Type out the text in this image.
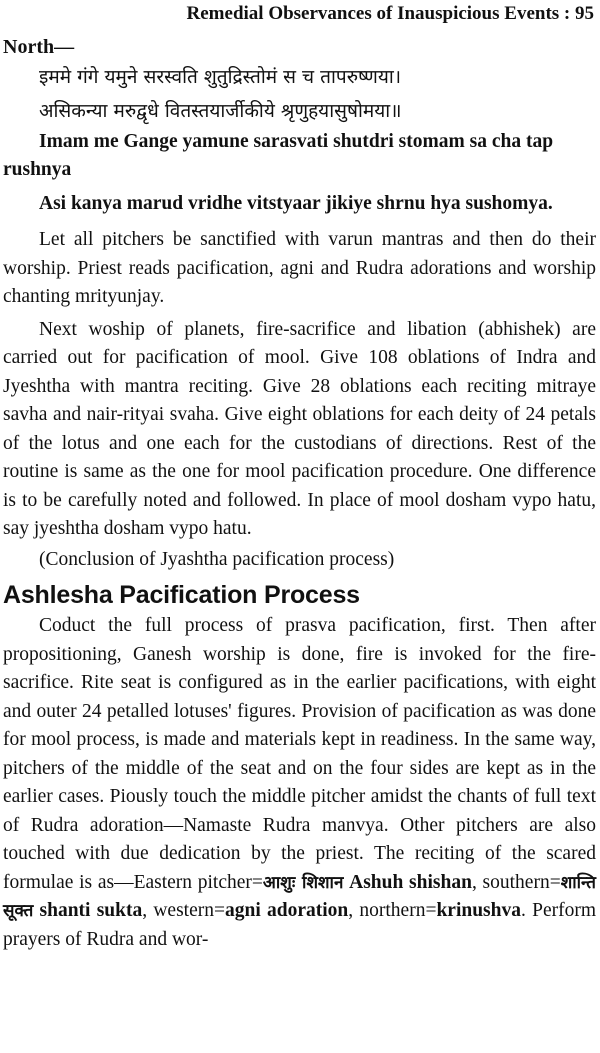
Remedial Observances of Inauspicious Events : 95
North—
इममे गंगे यमुने सरस्वति शुतुद्रिस्तोमं स च तापरुष्णया।
असिकन्या मरुद्वृधे वितस्तयार्जीकीये श्रृणुहयासुषोमया॥

Imam me Gange yamune sarasvati shutdri stomam sa cha tap rushnya

Asi kanya marud vridhe vitstyaar jikiye shrnu hya sushomya.

Let all pitchers be sanctified with varun mantras and then do their worship. Priest reads pacification, agni and Rudra adorations and worship chanting mrityunjay.

Next woship of planets, fire-sacrifice and libation (abhishek) are carried out for pacification of mool. Give 108 oblations of Indra and Jyeshtha with mantra reciting. Give 28 oblations each reciting mitraye savha and nair-rityai svaha. Give eight oblations for each deity of 24 petals of the lotus and one each for the custodians of directions. Rest of the routine is same as the one for mool pacification procedure. One difference is to be carefully noted and followed. In place of mool dosham vypo hatu, say jyeshtha dosham vypo hatu.

(Conclusion of Jyashtha pacification process)

Ashlesha Pacification Process

Coduct the full process of prasva pacification, first. Then after propositioning, Ganesh worship is done, fire is invoked for the fire-sacrifice. Rite seat is configured as in the earlier pacifications, with eight and outer 24 petalled lotuses' figures. Provision of pacification as was done for mool process, is made and materials kept in readiness. In the same way, pitchers of the middle of the seat and on the four sides are kept as in the earlier cases. Piously touch the middle pitcher amidst the chants of full text of Rudra adoration—Namaste Rudra manvya. Other pitchers are also touched with due dedication by the priest. The reciting of the scared formulae is as—Eastern pitcher=आशुः शिशान Ashuh shishan, southern=शान्ति सूक्त shanti sukta, western=agni adoration, northern=krinushva. Perform prayers of Rudra and wor-
